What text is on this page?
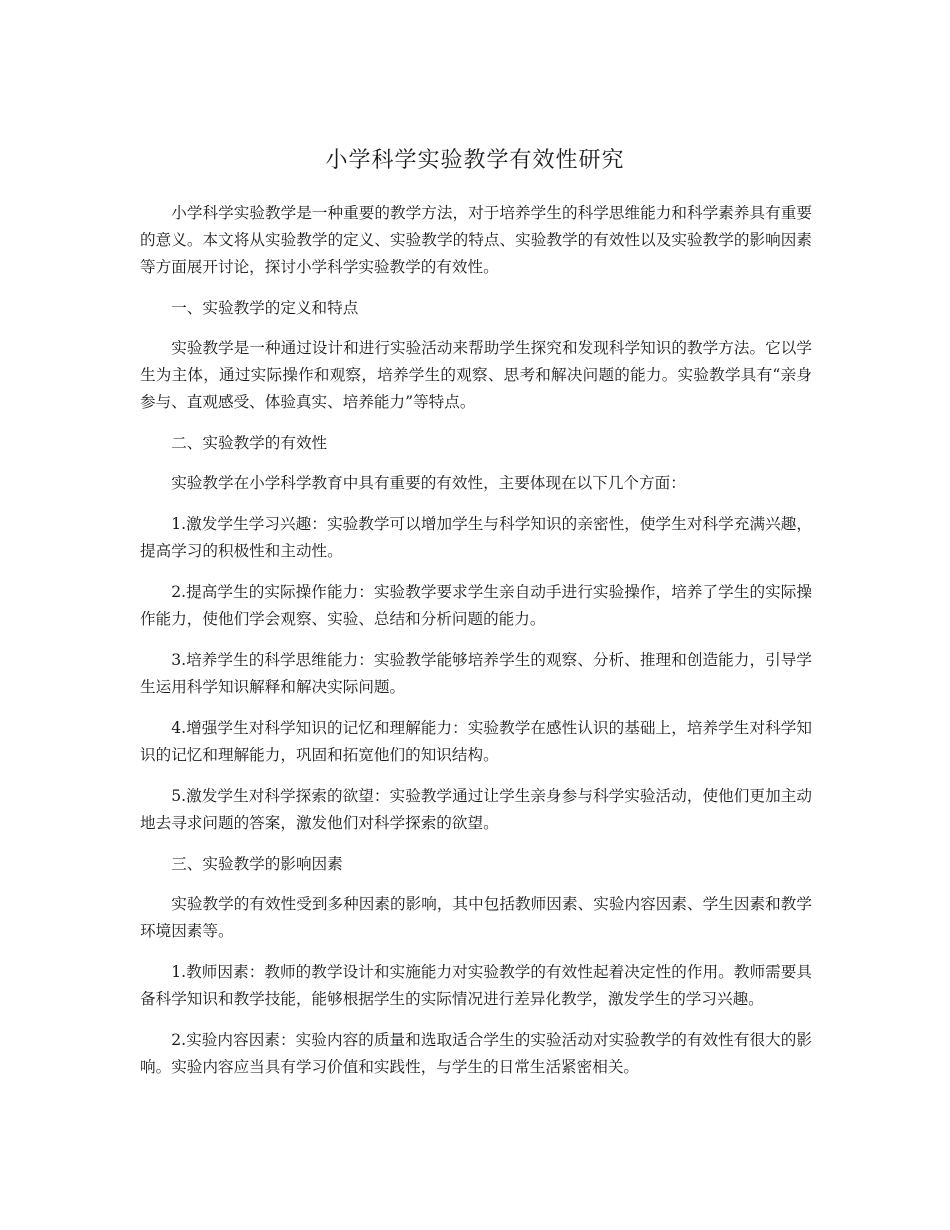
小学科学实验教学有效性研究

小学科学实验教学是一种重要的教学方法，对于培养学生的科学思维能力和科学素养具有重要的意义。本文将从实验教学的定义、实验教学的特点、实验教学的有效性以及实验教学的影响因素等方面展开讨论，探讨小学科学实验教学的有效性。

一、实验教学的定义和特点

实验教学是一种通过设计和进行实验活动来帮助学生探究和发现科学知识的教学方法。它以学生为主体，通过实际操作和观察，培养学生的观察、思考和解决问题的能力。实验教学具有“亲身参与、直观感受、体验真实、培养能力”等特点。

二、实验教学的有效性

实验教学在小学科学教育中具有重要的有效性，主要体现在以下几个方面：

1.激发学生学习兴趣：实验教学可以增加学生与科学知识的亲密性，使学生对科学充满兴趣，提高学习的积极性和主动性。

2.提高学生的实际操作能力：实验教学要求学生亲自动手进行实验操作，培养了学生的实际操作能力，使他们学会观察、实验、总结和分析问题的能力。

3.培养学生的科学思维能力：实验教学能够培养学生的观察、分析、推理和创造能力，引导学生运用科学知识解释和解决实际问题。

4.增强学生对科学知识的记忆和理解能力：实验教学在感性认识的基础上，培养学生对科学知识的记忆和理解能力，巩固和拓宽他们的知识结构。

5.激发学生对科学探索的欲望：实验教学通过让学生亲身参与科学实验活动，使他们更加主动地去寻求问题的答案，激发他们对科学探索的欲望。

三、实验教学的影响因素

实验教学的有效性受到多种因素的影响，其中包括教师因素、实验内容因素、学生因素和教学环境因素等。

1.教师因素：教师的教学设计和实施能力对实验教学的有效性起着决定性的作用。教师需要具备科学知识和教学技能，能够根据学生的实际情况进行差异化教学，激发学生的学习兴趣。

2.实验内容因素：实验内容的质量和选取适合学生的实验活动对实验教学的有效性有很大的影响。实验内容应当具有学习价值和实践性，与学生的日常生活紧密相关。
